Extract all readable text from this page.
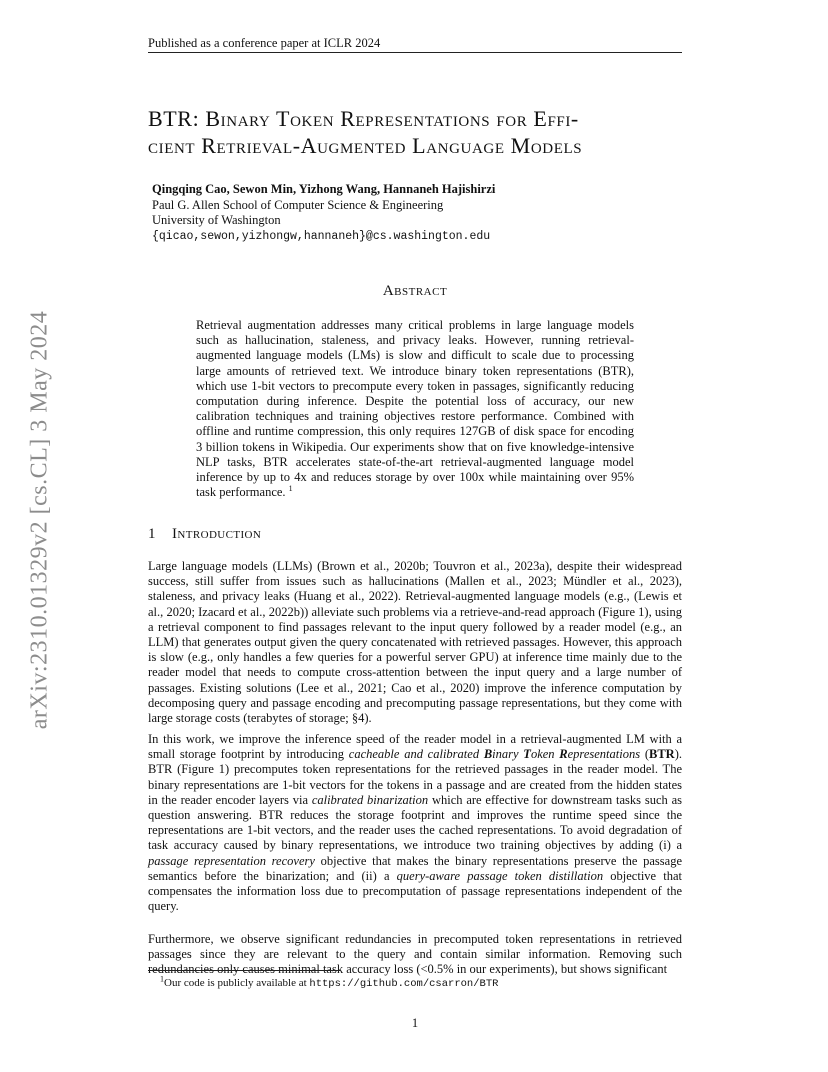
Published as a conference paper at ICLR 2024
arXiv:2310.01329v2 [cs.CL] 3 May 2024
BTR: Binary Token Representations for Effi-
cient Retrieval-Augmented Language Models
Qingqing Cao, Sewon Min, Yizhong Wang, Hannaneh Hajishirzi
Paul G. Allen School of Computer Science & Engineering
University of Washington
{qicao,sewon,yizhongw,hannaneh}@cs.washington.edu
Abstract
Retrieval augmentation addresses many critical problems in large language models such as hallucination, staleness, and privacy leaks. However, running retrieval-augmented language models (LMs) is slow and difficult to scale due to processing large amounts of retrieved text. We introduce binary token representations (BTR), which use 1-bit vectors to precompute every token in passages, significantly reducing computation during inference. Despite the potential loss of accuracy, our new calibration techniques and training objectives restore performance. Combined with offline and runtime compression, this only requires 127GB of disk space for encoding 3 billion tokens in Wikipedia. Our experiments show that on five knowledge-intensive NLP tasks, BTR accelerates state-of-the-art retrieval-augmented language model inference by up to 4x and reduces storage by over 100x while maintaining over 95% task performance. $^1$
1 Introduction

Large language models (LLMs) (Brown et al., 2020b; Touvron et al., 2023a), despite their widespread success, still suffer from issues such as hallucinations (Mallen et al., 2023; Mündler et al., 2023), staleness, and privacy leaks (Huang et al., 2022). Retrieval-augmented language models (e.g., (Lewis et al., 2020; Izacard et al., 2022b)) alleviate such problems via a retrieve-and-read approach (Figure 1), using a retrieval component to find passages relevant to the input query followed by a reader model (e.g., an LLM) that generates output given the query concatenated with retrieved passages. However, this approach is slow (e.g., only handles a few queries for a powerful server GPU) at inference time mainly due to the reader model that needs to compute cross-attention between the input query and a large number of passages. Existing solutions (Lee et al., 2021; Cao et al., 2020) improve the inference computation by decomposing query and passage encoding and precomputing passage representations, but they come with large storage costs (terabytes of storage; §4).

In this work, we improve the inference speed of the reader model in a retrieval-augmented LM with a small storage footprint by introducing cacheable and calibrated Binary Token Representations (BTR). BTR (Figure 1) precomputes token representations for the retrieved passages in the reader model. The binary representations are 1-bit vectors for the tokens in a passage and are created from the hidden states in the reader encoder layers via calibrated binarization which are effective for downstream tasks such as question answering. BTR reduces the storage footprint and improves the runtime speed since the representations are 1-bit vectors, and the reader uses the cached representations. To avoid degradation of task accuracy caused by binary representations, we introduce two training objectives by adding (i) a passage representation recovery objective that makes the binary representations preserve the passage semantics before the binarization; and (ii) a query-aware passage token distillation objective that compensates the information loss due to precomputation of passage representations independent of the query.

Furthermore, we observe significant redundancies in precomputed token representations in retrieved passages since they are relevant to the query and contain similar information. Removing such redundancies only causes minimal task accuracy loss (<0.5% in our experiments), but shows significant

$^1$Our code is publicly available at https://github.com/csarron/BTR
1
